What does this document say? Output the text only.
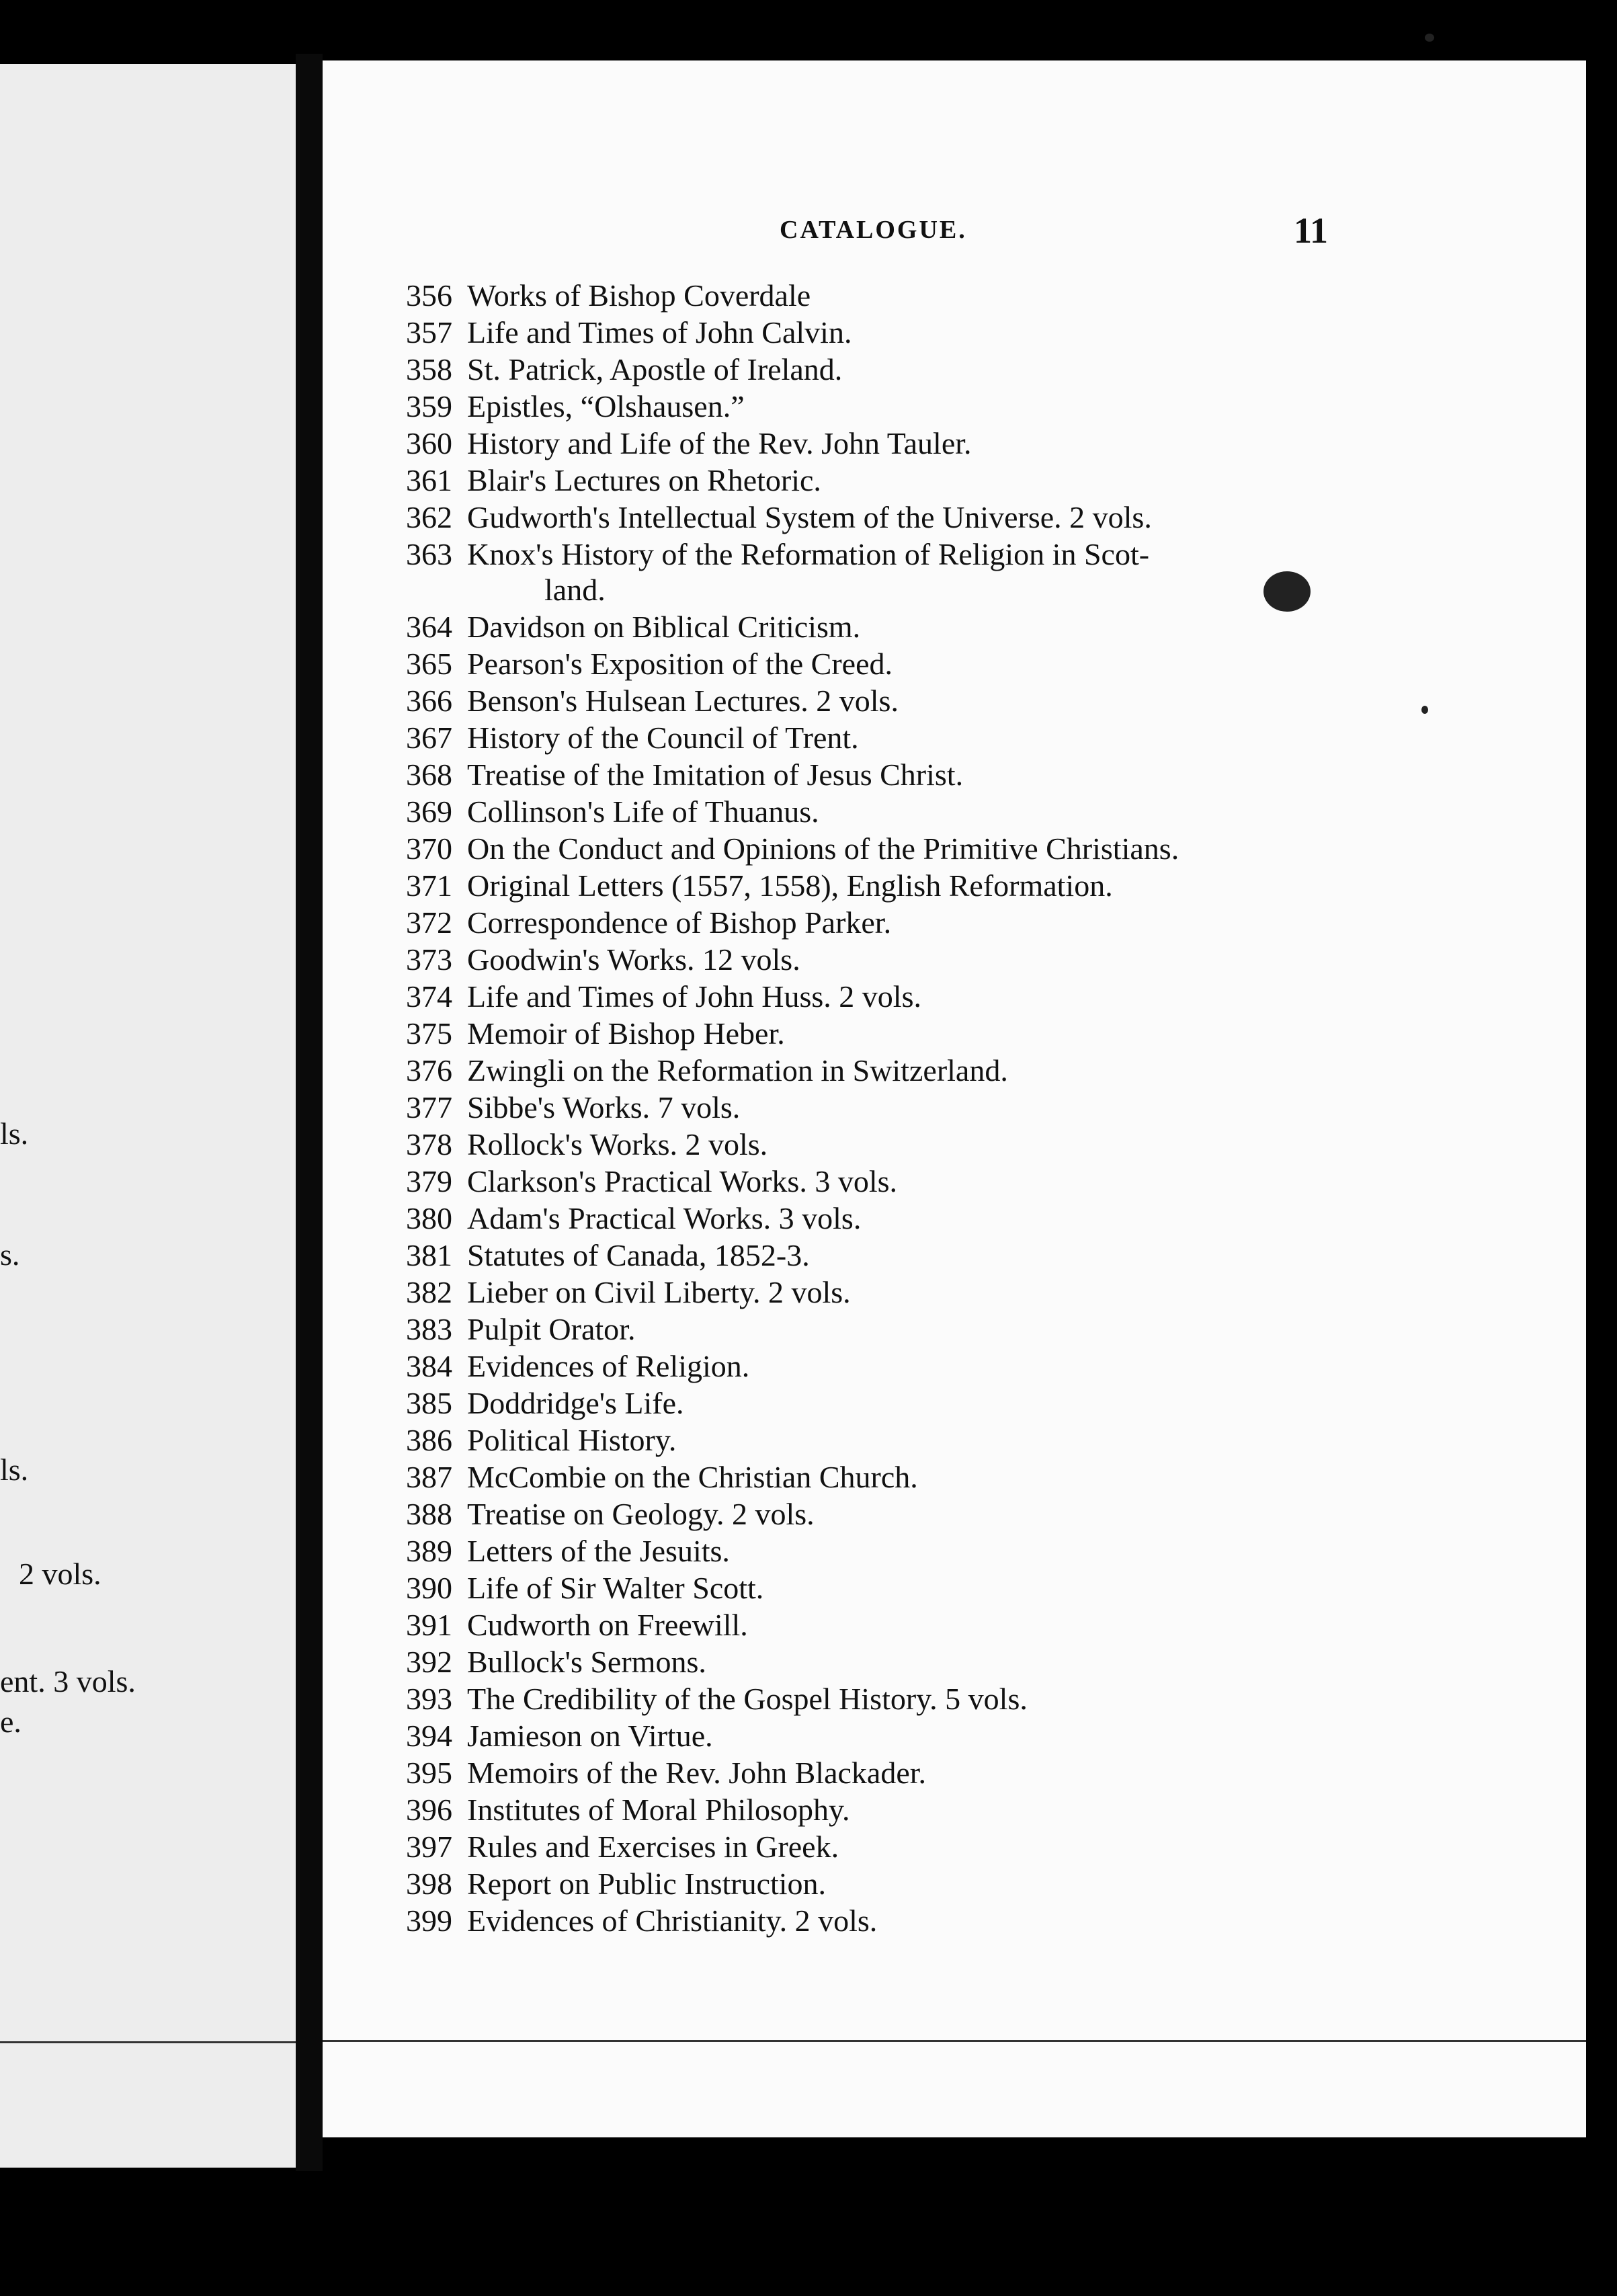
ls.
s.
ls.
2 vols.
ent. 3 vols.
e.
CATALOGUE.	11
356 Works of Bishop Coverdale
357 Life and Times of John Calvin.
358 St. Patrick, Apostle of Ireland.
359 Epistles, “Olshausen.”
360 History and Life of the Rev. John Tauler.
361 Blair's Lectures on Rhetoric.
362 Gudworth's Intellectual System of the Universe. 2 vols.
363 Knox's History of the Reformation of Religion in Scot-
land.
364 Davidson on Biblical Criticism.
365 Pearson's Exposition of the Creed.
366 Benson's Hulsean Lectures. 2 vols.
367 History of the Council of Trent.
368 Treatise of the Imitation of Jesus Christ.
369 Collinson's Life of Thuanus.
370 On the Conduct and Opinions of the Primitive Christians.
371 Original Letters (1557, 1558), English Reformation.
372 Correspondence of Bishop Parker.
373 Goodwin's Works. 12 vols.
374 Life and Times of John Huss. 2 vols.
375 Memoir of Bishop Heber.
376 Zwingli on the Reformation in Switzerland.
377 Sibbe's Works. 7 vols.
378 Rollock's Works. 2 vols.
379 Clarkson's Practical Works. 3 vols.
380 Adam's Practical Works. 3 vols.
381 Statutes of Canada, 1852-3.
382 Lieber on Civil Liberty. 2 vols.
383 Pulpit Orator.
384 Evidences of Religion.
385 Doddridge's Life.
386 Political History.
387 McCombie on the Christian Church.
388 Treatise on Geology. 2 vols.
389 Letters of the Jesuits.
390 Life of Sir Walter Scott.
391 Cudworth on Freewill.
392 Bullock's Sermons.
393 The Credibility of the Gospel History. 5 vols.
394 Jamieson on Virtue.
395 Memoirs of the Rev. John Blackader.
396 Institutes of Moral Philosophy.
397 Rules and Exercises in Greek.
398 Report on Public Instruction.
399 Evidences of Christianity. 2 vols.
